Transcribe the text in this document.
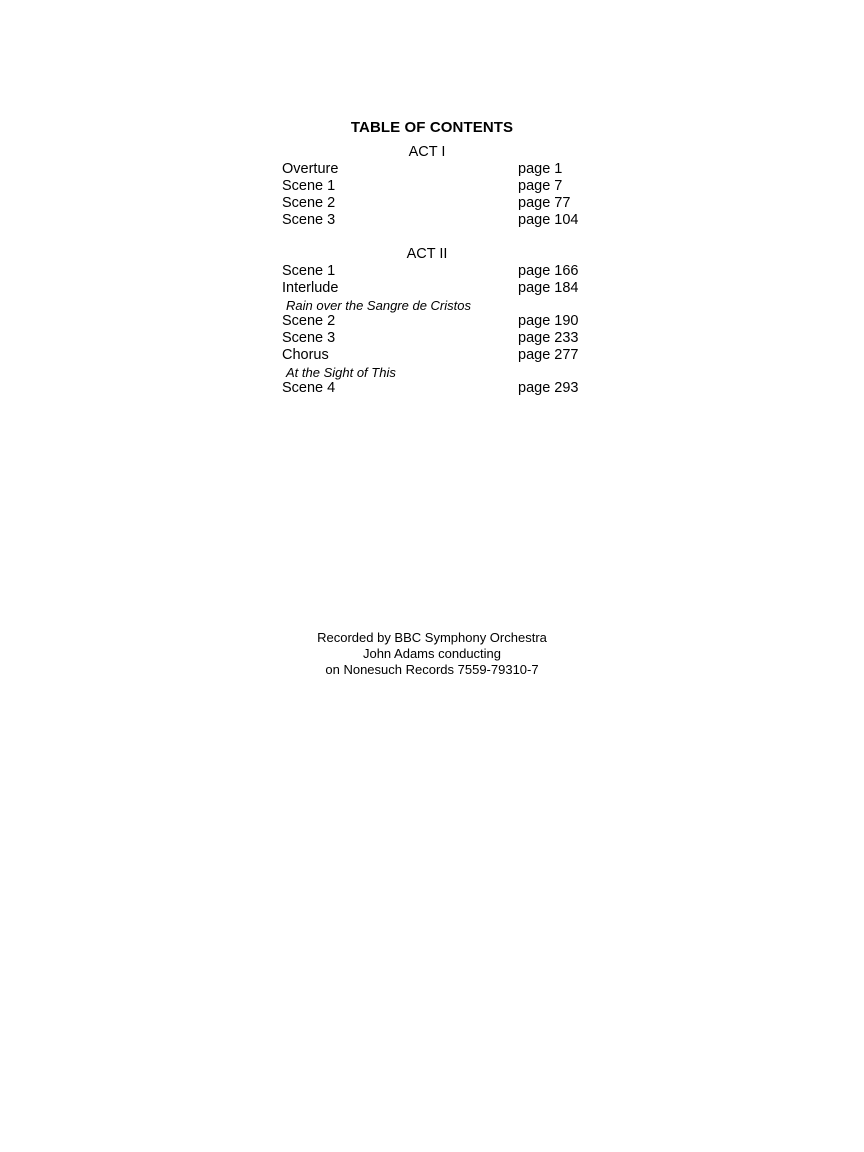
TABLE OF CONTENTS
ACT I
Overture	page 1
Scene 1	page 7
Scene 2	page 77
Scene 3	page 104
ACT II
Scene 1	page 166
Interlude	page 184
Rain over the Sangre de Cristos
Scene 2	page 190
Scene 3	page 233
Chorus	page 277
At the Sight of This
Scene 4	page 293
Recorded by BBC Symphony Orchestra
John Adams conducting
on Nonesuch Records 7559-79310-7
